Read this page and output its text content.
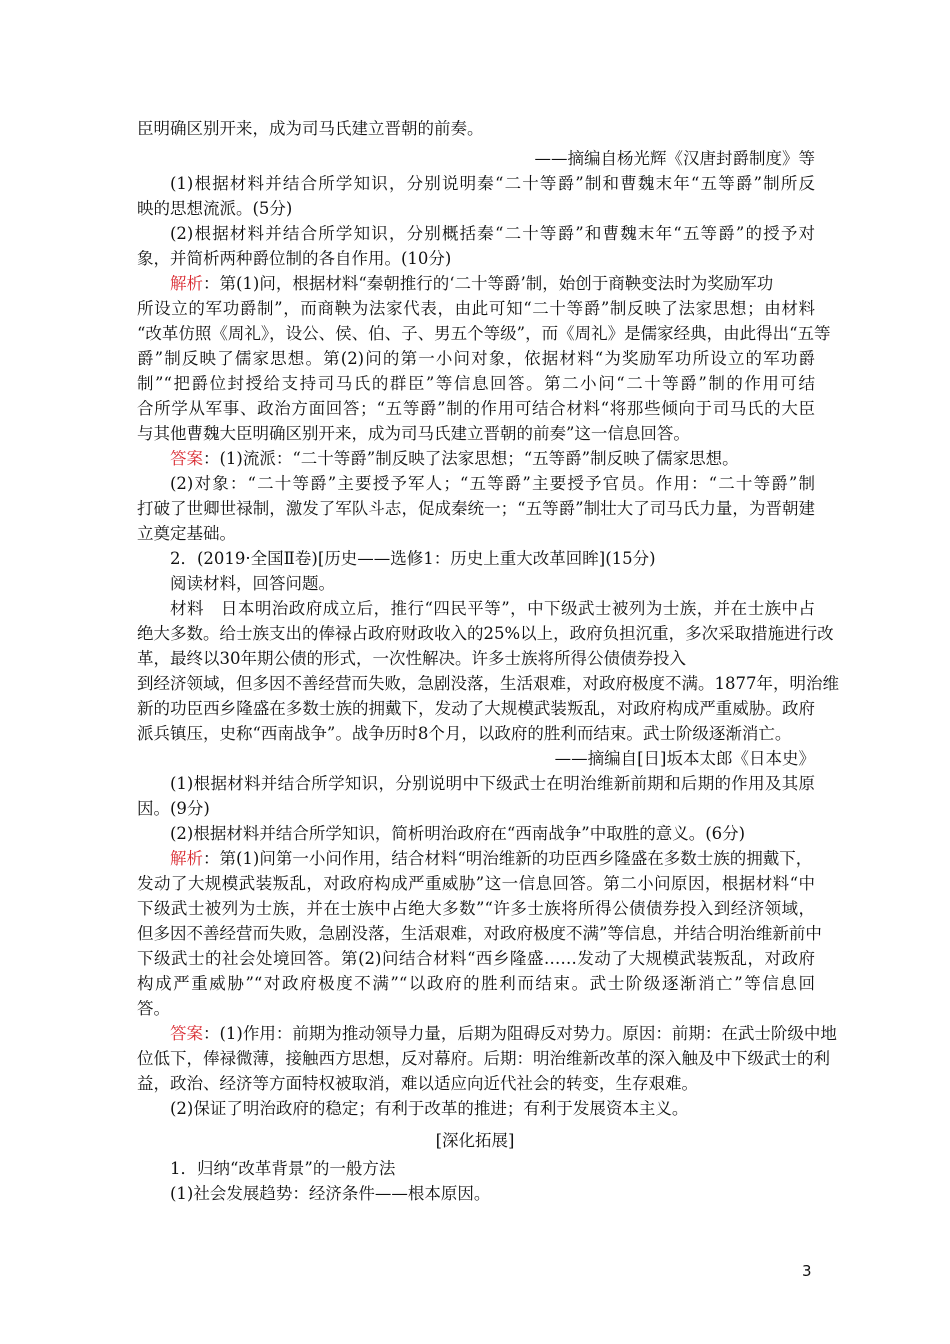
臣明确区别开来，成为司马氏建立晋朝的前奏。
——摘编自杨光辉《汉唐封爵制度》等
(1)根据材料并结合所学知识，分别说明秦“二十等爵”制和曹魏末年“五等爵”制所反
映的思想流派。(5分)
(2)根据材料并结合所学知识，分别概括秦“二十等爵”和曹魏末年“五等爵”的授予对
象，并简析两种爵位制的各自作用。(10分)
解析：第(1)问，根据材料“秦朝推行的‘二十等爵’制，始创于商鞅变法时为奖励军功
所设立的军功爵制”，而商鞅为法家代表，由此可知“二十等爵”制反映了法家思想；由材料
“改革仿照《周礼》，设公、侯、伯、子、男五个等级”，而《周礼》是儒家经典，由此得出“五等
爵”制反映了儒家思想。第(2)问的第一小问对象，依据材料“为奖励军功所设立的军功爵
制”“把爵位封授给支持司马氏的群臣”等信息回答。第二小问“二十等爵”制的作用可结
合所学从军事、政治方面回答；“五等爵”制的作用可结合材料“将那些倾向于司马氏的大臣
与其他曹魏大臣明确区别开来，成为司马氏建立晋朝的前奏”这一信息回答。
答案：(1)流派：“二十等爵”制反映了法家思想；“五等爵”制反映了儒家思想。
(2)对象：“二十等爵”主要授予军人；“五等爵”主要授予官员。作用：“二十等爵”制
打破了世卿世禄制，激发了军队斗志，促成秦统一；“五等爵”制壮大了司马氏力量，为晋朝建
立奠定基础。
2．(2019·全国Ⅱ卷)[历史——选修1：历史上重大改革回眸](15分)
阅读材料，回答问题。
材料　日本明治政府成立后，推行“四民平等”，中下级武士被列为士族，并在士族中占
绝大多数。给士族支出的俸禄占政府财政收入的25%以上，政府负担沉重，多次采取措施进行改
革，最终以30年期公债的形式，一次性解决。许多士族将所得公债债券投入
到经济领域，但多因不善经营而失败，急剧没落，生活艰难，对政府极度不满。1877年，明治维
新的功臣西乡隆盛在多数士族的拥戴下，发动了大规模武装叛乱，对政府构成严重威胁。政府
派兵镇压，史称“西南战争”。战争历时8个月，以政府的胜利而结束。武士阶级逐渐消亡。
——摘编自[日]坂本太郎《日本史》
(1)根据材料并结合所学知识，分别说明中下级武士在明治维新前期和后期的作用及其原
因。(9分)
(2)根据材料并结合所学知识，简析明治政府在“西南战争”中取胜的意义。(6分)
解析：第(1)问第一小问作用，结合材料“明治维新的功臣西乡隆盛在多数士族的拥戴下，
发动了大规模武装叛乱，对政府构成严重威胁”这一信息回答。第二小问原因，根据材料“中
下级武士被列为士族，并在士族中占绝大多数”“许多士族将所得公债债券投入到经济领域，
但多因不善经营而失败，急剧没落，生活艰难，对政府极度不满”等信息，并结合明治维新前中
下级武士的社会处境回答。第(2)问结合材料“西乡隆盛……发动了大规模武装叛乱，对政府
构成严重威胁”“对政府极度不满”“以政府的胜利而结束。武士阶级逐渐消亡”等信息回
答。
答案：(1)作用：前期为推动领导力量，后期为阻碍反对势力。原因：前期：在武士阶级中地
位低下，俸禄微薄，接触西方思想，反对幕府。后期：明治维新改革的深入触及中下级武士的利
益，政治、经济等方面特权被取消，难以适应向近代社会的转变，生存艰难。
(2)保证了明治政府的稳定；有利于改革的推进；有利于发展资本主义。
[深化拓展]
1．归纳“改革背景”的一般方法
(1)社会发展趋势：经济条件——根本原因。
3
